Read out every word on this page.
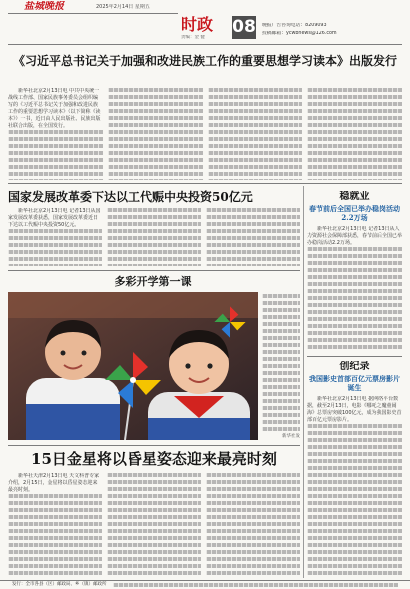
盐城晚报	2025年2月14日 星期五
时政
责编：金 健
08 晚报广告咨询电话：8209093
投稿邮箱：ycwbnews@126.com
《习近平总书记关于加强和改进民族工作的重要思想学习读本》出版发行

新华社北京2月13日电 中共中央统一战线工作部、国家民族事务委员会组织编写的《习近平总书记关于加强和改进民族工作的重要思想学习读本》（以下简称《读本》）一书，近日由人民出版社、民族出版社联合出版，在全国发行。

国家发展改革委下达以工代赈中央投资50亿元

新华社北京2月13日电 记者13日从国家发展改革委获悉，国家发展改革委近日下达以工代赈中央投资50亿元。

多彩开学第一课
新华社发
15日金星将以昏星姿态迎来最亮时刻

新华社天津2月13日电 天文科普专家介绍，2月15日，金星将以昏星姿态迎来最亮时刻。

稳就业
春节前后全国已举办稳岗活动2.2万场

新华社北京2月13日电 记者13日从人力资源社会保障部获悉，春节前后全国已举办稳岗活动2.2万场。

创纪录
我国影史首部百亿元票房影片诞生

新华社北京2月13日电 据网络平台数据，截至2月13日，电影《哪吒之魔童闹海》总票房突破100亿元，成为我国影史首部百亿元票房影片。

发行：全市各县（区）邮政局、乡（镇）邮政所
